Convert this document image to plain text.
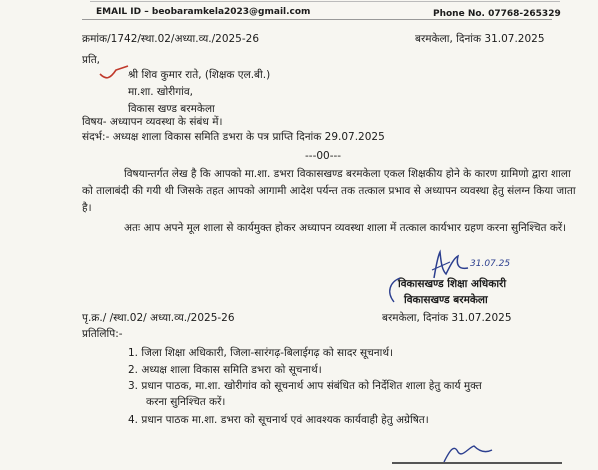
EMAIL ID – beobaramkela2023@gmail.com	Phone No. 07768-265329
क्रमांक/1742/स्था.02/अध्या.व्य./2025-26	बरमकेला, दिनांक 31.07.2025
प्रति,
श्री शिव कुमार राते, (शिक्षक एल.बी.)
मा.शा. खोरीगांव,
विकास खण्ड बरमकेला
विषय- अध्यापन व्यवस्था के संबंध में।
संदर्भ:- अध्यक्ष शाला विकास समिति डभरा के पत्र प्राप्ति दिनांक 29.07.2025
---00---
विषयान्तर्गत लेख है कि आपको मा.शा. डभरा विकासखण्ड बरमकेला एकल शिक्षकीय होने के कारण ग्रामिणो द्वारा शाला को तालाबंदी की गयी थी जिसके तहत आपको आगामी आदेश पर्यन्त तक तत्काल प्रभाव से अध्यापन व्यवस्था हेतु संलग्न किया जाता है।
अतः आप अपने मूल शाला से कार्यमुक्त होकर अध्यापन व्यवस्था शाला में तत्काल कार्यभार ग्रहण करना सुनिश्चित करें।
31.07.25
विकासखण्ड शिक्षा अधिकारी
विकासखण्ड बरमकेला
पृ.क्र./ /स्था.02/ अध्या.व्य./2025-26	बरमकेला, दिनांक 31.07.2025
प्रतिलिपि:-
1. जिला शिक्षा अधिकारी, जिला-सारंगढ़-बिलाईगढ़ को सादर सूचनार्थ।
2. अध्यक्ष शाला विकास समिति डभरा को सूचनार्थ।
3. प्रधान पाठक, मा.शा. खोरीगांव को सूचनार्थ आप संबंधित को निर्देशित शाला हेतु कार्य मुक्त
करना सुनिश्चित करें।
4. प्रधान पाठक मा.शा. डभरा को सूचनार्थ एवं आवश्यक कार्यवाही हेतु अग्रेषित।
